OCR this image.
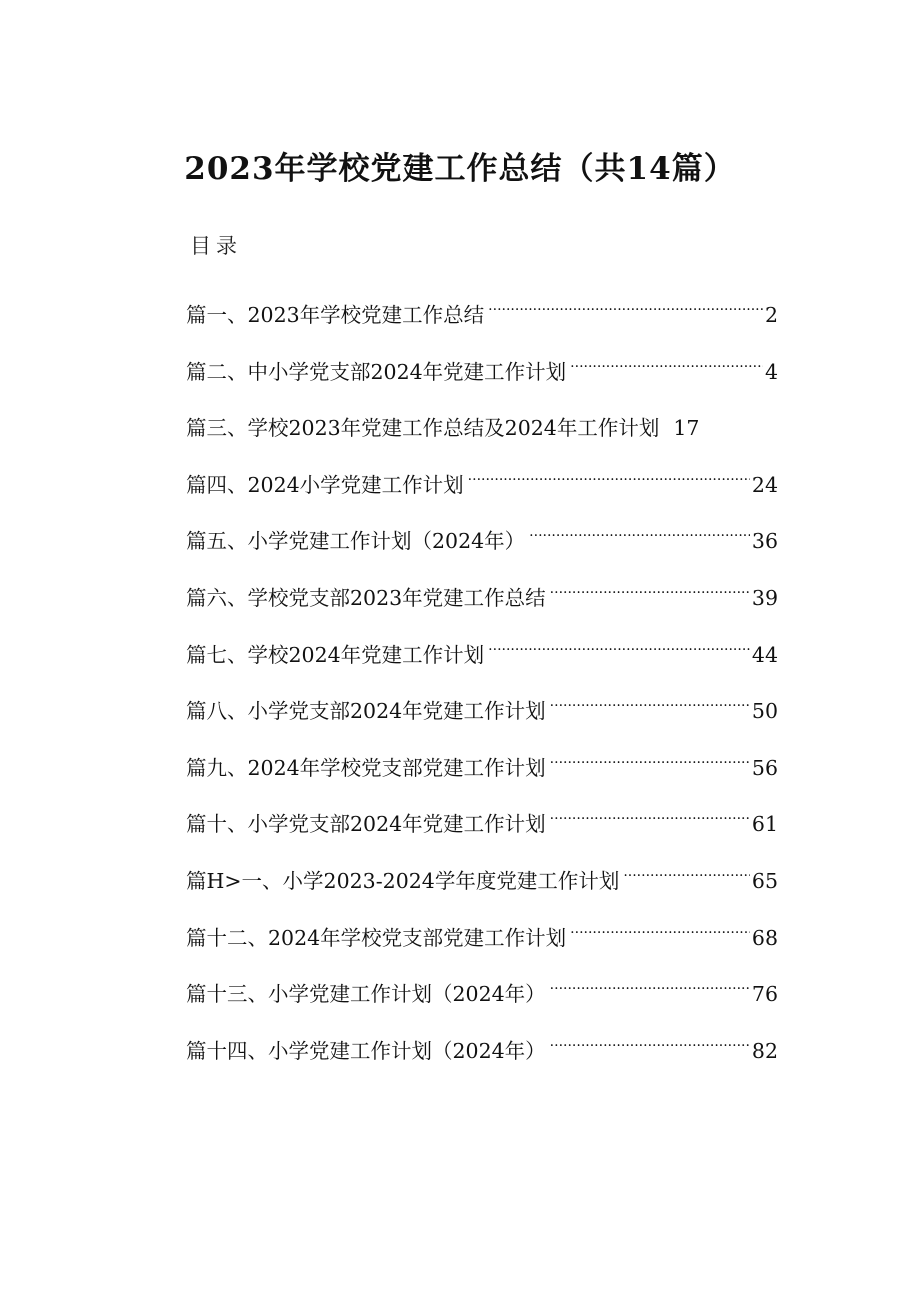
2023年学校党建工作总结（共14篇）
目录
篇一、2023年学校党建工作总结 .....	2
篇二、中小学党支部2024年党建工作计划 .....	4
篇三、学校2023年党建工作总结及2024年工作计划 17
篇四、2024小学党建工作计划 .....	24
篇五、小学党建工作计划（2024年） .....	36
篇六、学校党支部2023年党建工作总结 .....	39
篇七、学校2024年党建工作计划 .....	44
篇八、小学党支部2024年党建工作计划 .....	50
篇九、2024年学校党支部党建工作计划 .....	56
篇十、小学党支部2024年党建工作计划 .....	61
篇H>一、小学2023-2024学年度党建工作计划 .....	65
篇十二、2024年学校党支部党建工作计划 .....	68
篇十三、小学党建工作计划（2024年） .....	76
篇十四、小学党建工作计划（2024年） .....	82
